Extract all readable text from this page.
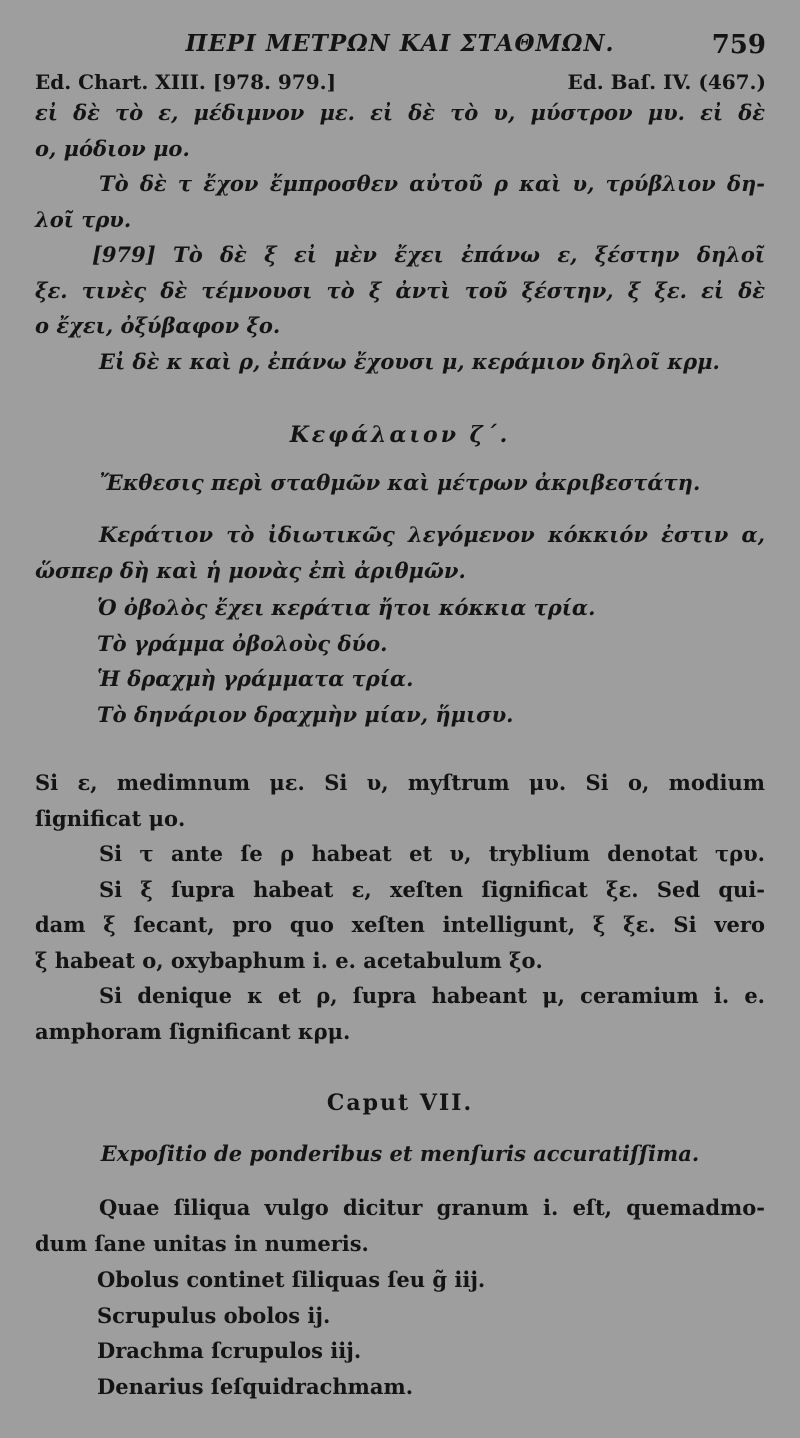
ΠΕΡΙ ΜΕΤΡΩΝ ΚΑΙ ΣΤΑΘΜΩΝ.	759
Ed. Chart. XIII. [978. 979.]	Ed. Baſ. IV. (467.)
εἰ δὲ τὸ ε, μέδιμνον με. εἰ δὲ τὸ υ, μύστρον μυ. εἰ δὲ
ο, μόδιον μο.
Τὸ δὲ τ ἔχον ἔμπροσθεν αὐτοῦ ρ καὶ υ, τρύβλιον δη-
λοῖ τρυ.
[979] Τὸ δὲ ξ εἰ μὲν ἔχει ἐπάνω ε, ξέστην δηλοῖ
ξε. τινὲς δὲ τέμνουσι τὸ ξ ἀντὶ τοῦ ξέστην, ξ ξε. εἰ δὲ
ο ἔχει, ὀξύβαφον ξο.
Εἰ δὲ κ καὶ ρ, ἐπάνω ἔχουσι μ, κεράμιον δηλοῖ κρμ.
Κεφάλαιον ζ΄.
Ἔκθεσις περὶ σταθμῶν καὶ μέτρων ἀκριβεστάτη.
Κεράτιον τὸ ἰδιωτικῶς λεγόμενον κόκκιόν ἐστιν α,
ὥσπερ δὴ καὶ ἡ μονὰς ἐπὶ ἀριθμῶν.
Ὁ ὀβολὸς ἔχει κεράτια ἤτοι κόκκια τρία.
Τὸ γράμμα ὀβολοὺς δύο.
Ἡ δραχμὴ γράμματα τρία.
Τὸ δηνάριον δραχμὴν μίαν, ἥμισυ.
Si ε, medimnum με. Si υ, myſtrum μυ. Si ο, modium
ſignificat μο.
Si τ ante ſe ρ habeat et υ, tryblium denotat τρυ.
Si ξ ſupra habeat ε, xeſten ſignificat ξε. Sed qui-
dam ξ ſecant, pro quo xeſten intelligunt, ξ ξε. Si vero
ξ habeat ο, oxybaphum i. e. acetabulum ξο.
Si denique κ et ρ, ſupra habeant μ, ceramium i. e.
amphoram ſignificant κρμ.
Caput VII.
Expoſitio de ponderibus et menſuris accuratiſſima.
Quae ſiliqua vulgo dicitur granum i. eſt, quemadmo-
dum ſane unitas in numeris.
Obolus continet ſiliquas ſeu g̃ iij.
Scrupulus obolos ij.
Drachma ſcrupulos iij.
Denarius ſeſquidrachmam.
